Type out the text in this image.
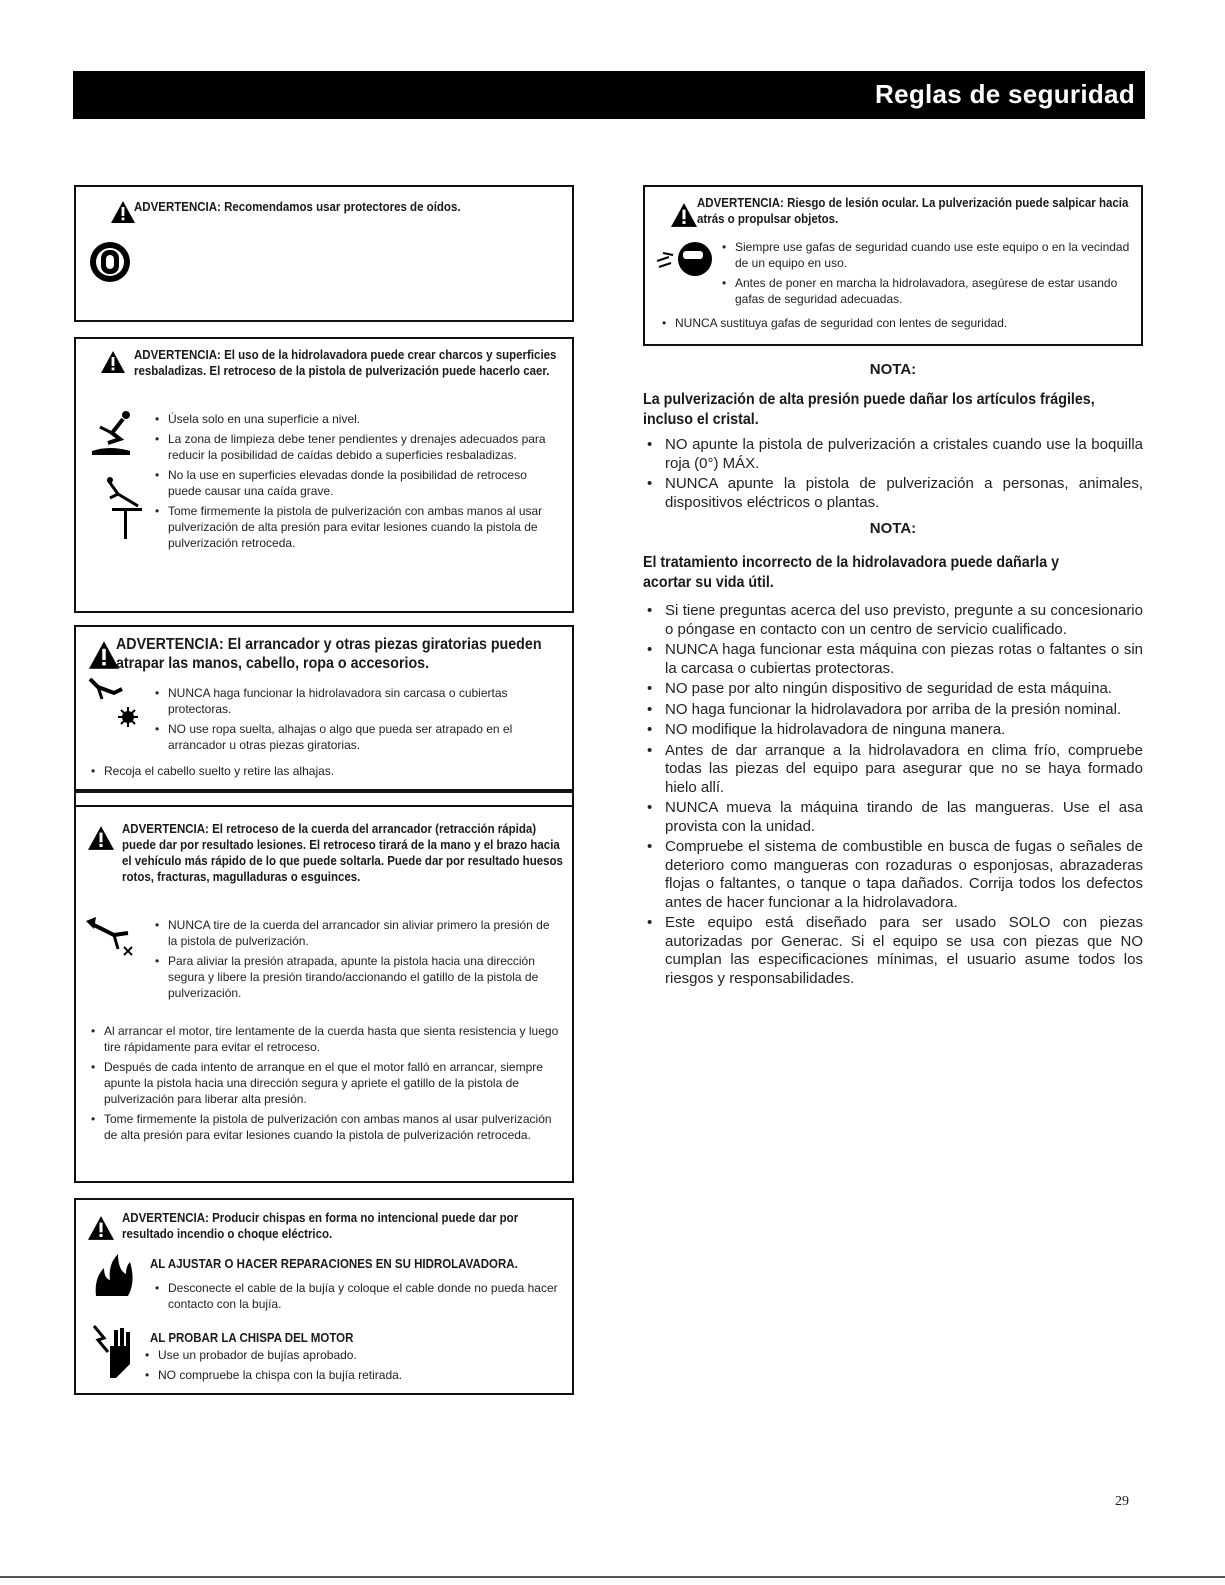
Reglas de seguridad
ADVERTENCIA: Recomendamos usar protectores de oídos.
ADVERTENCIA: El uso de la hidrolavadora puede crear charcos y superficies resbaladizas. El retroceso de la pistola de pulverización puede hacerlo caer.
• Úsela solo en una superficie a nivel.
• La zona de limpieza debe tener pendientes y drenajes adecuados para reducir la posibilidad de caídas debido a superficies resbaladizas.
• No la use en superficies elevadas donde la posibilidad de retroceso puede causar una caída grave.
• Tome firmemente la pistola de pulverización con ambas manos al usar pulverización de alta presión para evitar lesiones cuando la pistola de pulverización retroceda.
ADVERTENCIA: El arrancador y otras piezas giratorias pueden atrapar las manos, cabello, ropa o accesorios.
• NUNCA haga funcionar la hidrolavadora sin carcasa o cubiertas protectoras.
• NO use ropa suelta, alhajas o algo que pueda ser atrapado en el arrancador u otras piezas giratorias.
• Recoja el cabello suelto y retire las alhajas.
ADVERTENCIA: El retroceso de la cuerda del arrancador (retracción rápida) puede dar por resultado lesiones. El retroceso tirará de la mano y el brazo hacia el vehículo más rápido de lo que puede soltarla. Puede dar por resultado huesos rotos, fracturas, magulladuras o esguinces.
• NUNCA tire de la cuerda del arrancador sin aliviar primero la presión de la pistola de pulverización.
• Para aliviar la presión atrapada, apunte la pistola hacia una dirección segura y libere la presión tirando/accionando el gatillo de la pistola de pulverización.
• Al arrancar el motor, tire lentamente de la cuerda hasta que sienta resistencia y luego tire rápidamente para evitar el retroceso.
• Después de cada intento de arranque en el que el motor falló en arrancar, siempre apunte la pistola hacia una dirección segura y apriete el gatillo de la pistola de pulverización para liberar alta presión.
• Tome firmemente la pistola de pulverización con ambas manos al usar pulverización de alta presión para evitar lesiones cuando la pistola de pulverización retroceda.
ADVERTENCIA: Producir chispas en forma no intencional puede dar por resultado incendio o choque eléctrico.
AL AJUSTAR O HACER REPARACIONES EN SU HIDROLAVADORA.
• Desconecte el cable de la bujía y coloque el cable donde no pueda hacer contacto con la bujía.
AL PROBAR LA CHISPA DEL MOTOR
• Use un probador de bujías aprobado.
• NO compruebe la chispa con la bujía retirada.
ADVERTENCIA: Riesgo de lesión ocular. La pulverización puede salpicar hacia atrás o propulsar objetos.
• Siempre use gafas de seguridad cuando use este equipo o en la vecindad de un equipo en uso.
• Antes de poner en marcha la hidrolavadora, asegúrese de estar usando gafas de seguridad adecuadas.
• NUNCA sustituya gafas de seguridad con lentes de seguridad.
NOTA:
La pulverización de alta presión puede dañar los artículos frágiles, incluso el cristal.
• NO apunte la pistola de pulverización a cristales cuando use la boquilla roja (0°) MÁX.
• NUNCA apunte la pistola de pulverización a personas, animales, dispositivos eléctricos o plantas.
NOTA:
El tratamiento incorrecto de la hidrolavadora puede dañarla y acortar su vida útil.
• Si tiene preguntas acerca del uso previsto, pregunte a su concesionario o póngase en contacto con un centro de servicio cualificado.
• NUNCA haga funcionar esta máquina con piezas rotas o faltantes o sin la carcasa o cubiertas protectoras.
• NO pase por alto ningún dispositivo de seguridad de esta máquina.
• NO haga funcionar la hidrolavadora por arriba de la presión nominal.
• NO modifique la hidrolavadora de ninguna manera.
• Antes de dar arranque a la hidrolavadora en clima frío, compruebe todas las piezas del equipo para asegurar que no se haya formado hielo allí.
• NUNCA mueva la máquina tirando de las mangueras. Use el asa provista con la unidad.
• Compruebe el sistema de combustible en busca de fugas o señales de deterioro como mangueras con rozaduras o esponjosas, abrazaderas flojas o faltantes, o tanque o tapa dañados. Corrija todos los defectos antes de hacer funcionar a la hidrolavadora.
• Este equipo está diseñado para ser usado SOLO con piezas autorizadas por Generac. Si el equipo se usa con piezas que NO cumplan las especificaciones mínimas, el usuario asume todos los riesgos y responsabilidades.
29
